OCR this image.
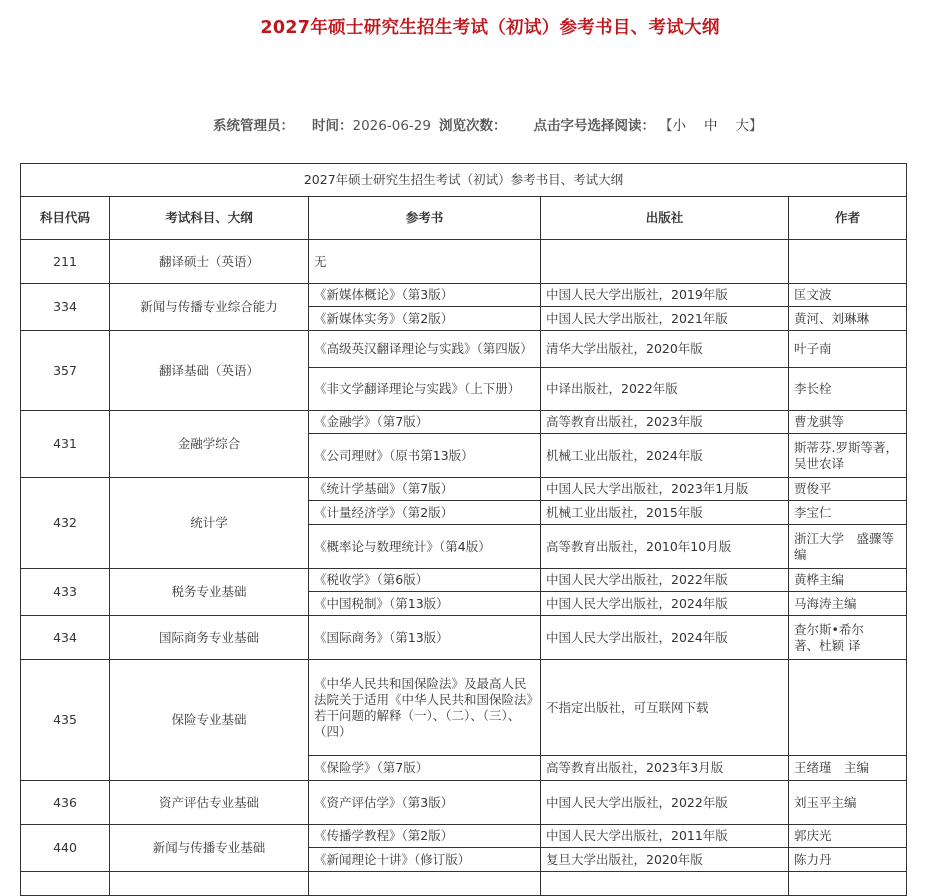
2027年硕士研究生招生考试（初试）参考书目、考试大纲
系统管理员： 时间：2026-06-29 浏览次数： 点击字号选择阅读： 【小 中 大】
2027年硕士研究生招生考试（初试）参考书目、考试大纲				
科目代码	考试科目、大纲	参考书	出版社	作者
211	翻译硕士（英语）	无		
334	新闻与传播专业综合能力	《新媒体概论》（第3版）	中国人民大学出版社，2019年版	匡文波
		《新媒体实务》（第2版）	中国人民大学出版社，2021年版	黄河、刘琳琳
357	翻译基础（英语）	《高级英汉翻译理论与实践》（第四版）	清华大学出版社，2020年版	叶子南
		《非文学翻译理论与实践》（上下册）	中译出版社，2022年版	李长栓
431	金融学综合	《金融学》（第7版）	高等教育出版社，2023年版	曹龙骐等
		《公司理财》（原书第13版）	机械工业出版社，2024年版	斯蒂芬.罗斯等著，吴世农译
432	统计学	《统计学基础》（第7版）	中国人民大学出版社，2023年1月版	贾俊平
		《计量经济学》（第2版）	机械工业出版社，2015年版	李宝仁
		《概率论与数理统计》（第4版）	高等教育出版社，2010年10月版	浙江大学　盛骤等编
433	税务专业基础	《税收学》（第6版）	中国人民大学出版社，2022年版	黄桦主编
		《中国税制》（第13版）	中国人民大学出版社，2024年版	马海涛主编
434	国际商务专业基础	《国际商务》（第13版）	中国人民大学出版社，2024年版	查尔斯•希尔　著、杜颖 译
435	保险专业基础	《中华人民共和国保险法》及最高人民法院关于适用《中华人民共和国保险法》若干问题的解释（一）、（二）、（三）、（四）	不指定出版社，可互联网下载	
		《保险学》（第7版）	高等教育出版社，2023年3月版	王绪瑾　主编
436	资产评估专业基础	《资产评估学》（第3版）	中国人民大学出版社，2022年版	刘玉平主编
440	新闻与传播专业基础	《传播学教程》（第2版）	中国人民大学出版社，2011年版	郭庆光
		《新闻理论十讲》（修订版）	复旦大学出版社，2020年版	陈力丹
